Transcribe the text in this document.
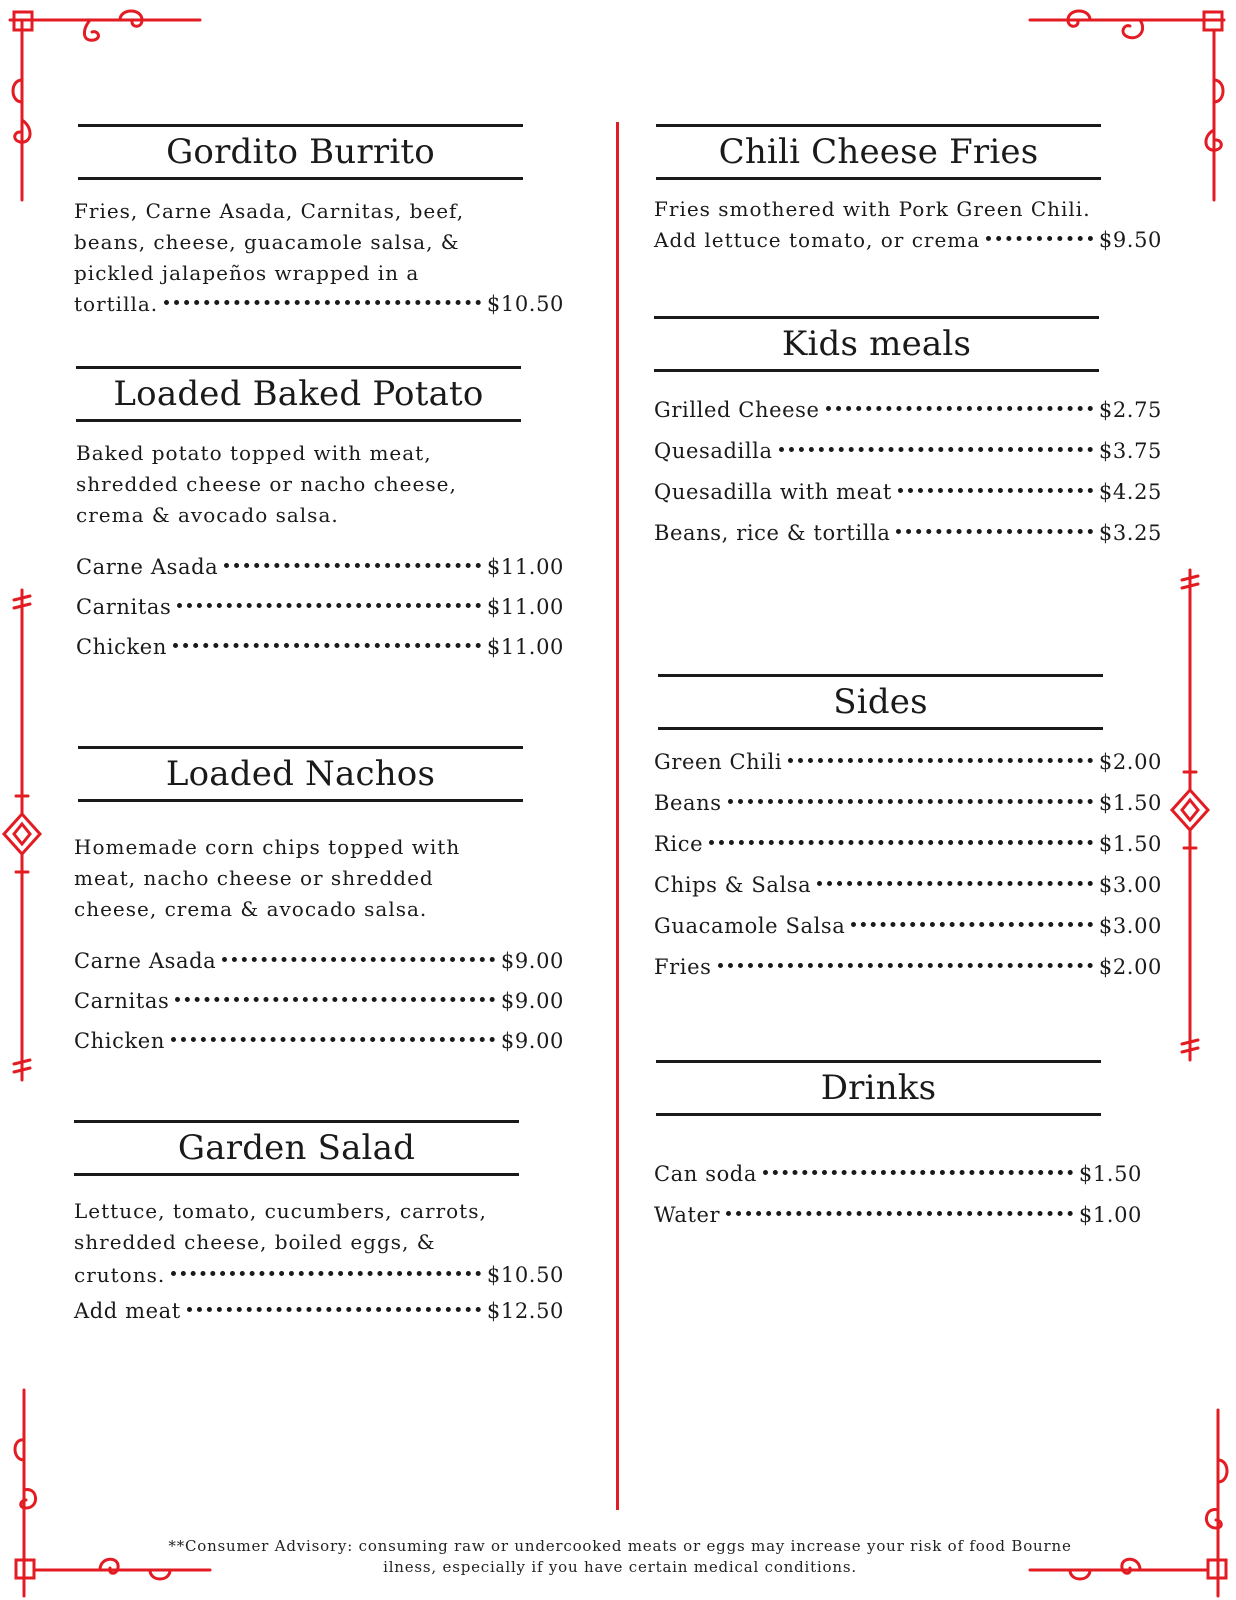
Gordito Burrito
Fries, Carne Asada, Carnitas, beef,
beans, cheese, guacamole salsa, &
pickled jalapeños wrapped in a
tortilla.	$10.50
Loaded Baked Potato
Baked potato topped with meat,
shredded cheese or nacho cheese,
crema & avocado salsa.
Carne Asada	$11.00
Carnitas	$11.00
Chicken	$11.00
Loaded Nachos
Homemade corn chips topped with
meat, nacho cheese or shredded
cheese, crema & avocado salsa.
Carne Asada	$9.00
Carnitas	$9.00
Chicken	$9.00
Garden Salad
Lettuce, tomato, cucumbers, carrots,
shredded cheese, boiled eggs, &
crutons.	$10.50
Add meat	$12.50
Chili Cheese Fries
Fries smothered with Pork Green Chili.
Add lettuce tomato, or crema	$9.50
Kids meals
Grilled Cheese	$2.75
Quesadilla	$3.75
Quesadilla with meat	$4.25
Beans, rice & tortilla	$3.25
Sides
Green Chili	$2.00
Beans	$1.50
Rice	$1.50
Chips & Salsa	$3.00
Guacamole Salsa	$3.00
Fries	$2.00
Drinks
Can soda	$1.50
Water	$1.00
**Consumer Advisory: consuming raw or undercooked meats or eggs may increase your risk of food Bourne ilness, especially if you have certain medical conditions.
